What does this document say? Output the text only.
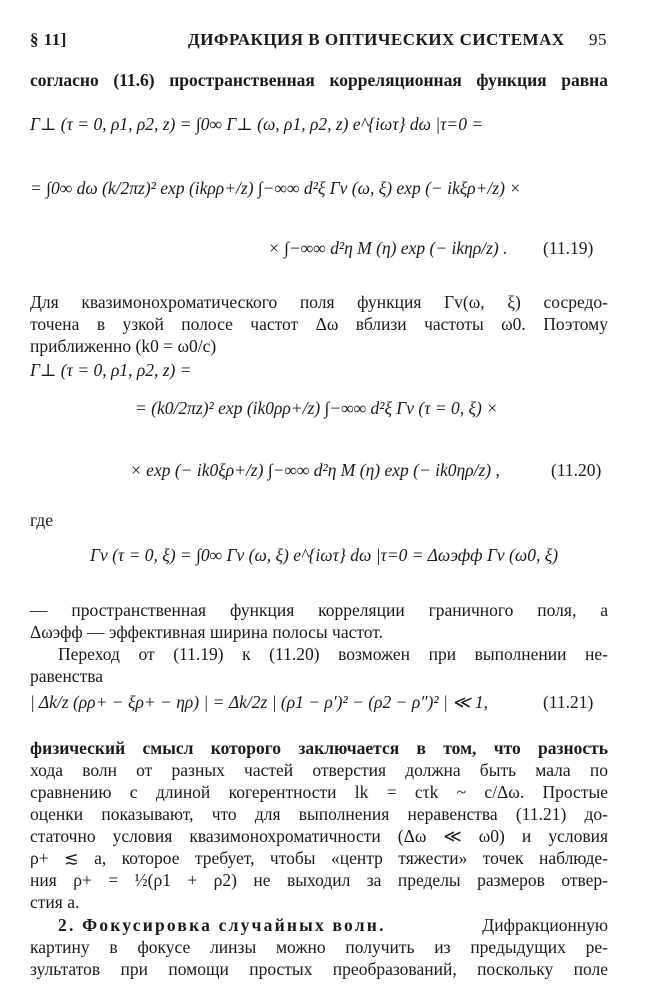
§ 11]	ДИФРАКЦИЯ В ОПТИЧЕСКИХ СИСТЕМАХ 95
согласно (11.6) пространственная корреляционная функция равна
Γ⊥ (τ = 0, ρ1, ρ2, z) = ∫0∞ Γ⊥ (ω, ρ1, ρ2, z) e^{iωτ} dω |τ=0 =
= ∫0∞ dω (k/2πz)² exp (ikρρ+/z) ∫−∞∞ d²ξ Γv (ω, ξ) exp (− ikξρ+/z) ×
× ∫−∞∞ d²η M (η) exp (− ikηρ/z) . (11.19)
Для квазимонохроматического поля функция Γv(ω, ξ) сосредо-
точена в узкой полосе частот Δω вблизи частоты ω0. Поэтому
приближенно (k0 = ω0/c)
Γ⊥ (τ = 0, ρ1, ρ2, z) =
= (k0/2πz)² exp (ik0ρρ+/z) ∫−∞∞ d²ξ Γv (τ = 0, ξ) ×
× exp (− ik0ξρ+/z) ∫−∞∞ d²η M (η) exp (− ik0ηρ/z) ,	(11.20)
где
Γv (τ = 0, ξ) = ∫0∞ Γv (ω, ξ) e^{iωτ} dω |τ=0 = Δωэфф Γv (ω0, ξ)
— пространственная функция корреляции граничного поля, а
Δωэфф — эффективная ширина полосы частот.
Переход от (11.19) к (11.20) возможен при выполнении не-
равенства
| Δk/z (ρρ+ − ξρ+ − ηρ) | = Δk/2z | (ρ1 − ρ′)² − (ρ2 − ρ″)² | ≪ 1,	(11.21)
физический смысл которого заключается в том, что разность
хода волн от разных частей отверстия должна быть мала по
сравнению с длиной когерентности lk = cτk ~ c/Δω. Простые
оценки показывают, что для выполнения неравенства (11.21) до-
статочно условия квазимонохроматичности (Δω ≪ ω0) и условия
ρ+ ≲ a, которое требует, чтобы «центр тяжести» точек наблюде-
ния ρ+ = ½(ρ1 + ρ2) не выходил за пределы размеров отвер-
стия a.
2. Фокусировка случайных волн.	Дифракционную
картину в фокусе линзы можно получить из предыдущих ре-
зультатов при помощи простых преобразований, поскольку поле
